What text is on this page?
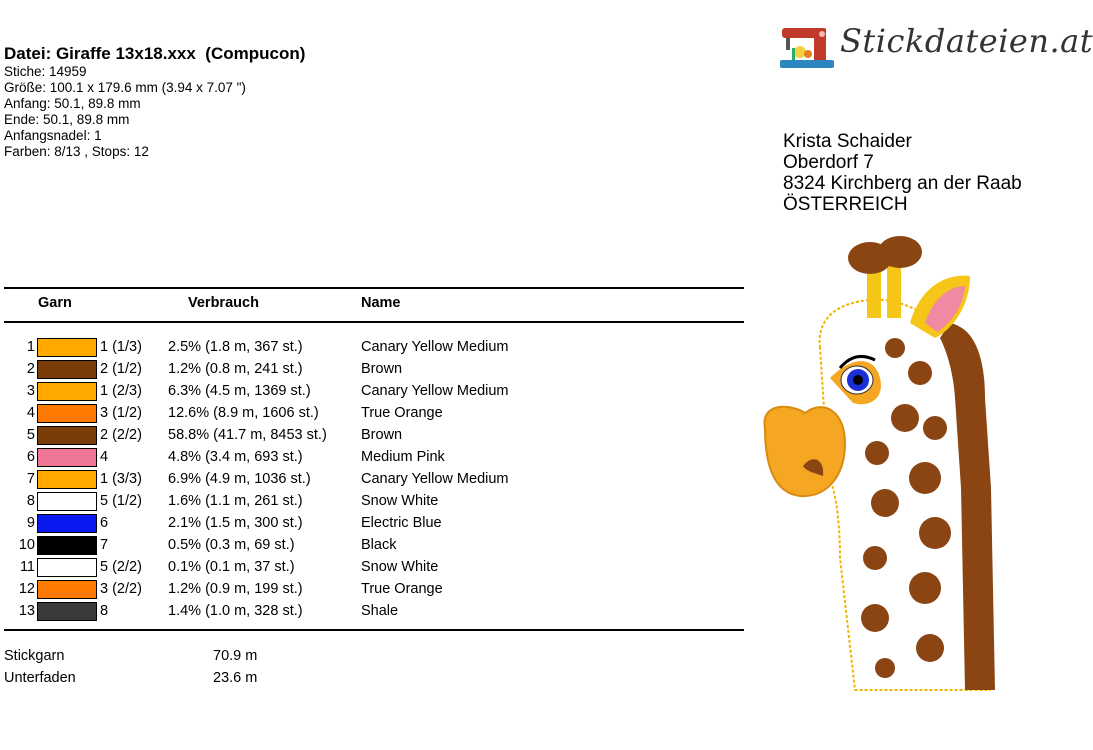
Datei: Giraffe 13x18.xxx  (Compucon)
Stiche: 14959
Größe: 100.1 x 179.6 mm (3.94 x 7.07 ")
Anfang: 50.1, 89.8 mm
Ende: 50.1, 89.8 mm
Anfangsnadel: 1
Farben: 8/13 , Stops: 12
Stickdateien.at
Krista Schaider
Oberdorf 7
8324 Kirchberg an der Raab
ÖSTERREICH
Garn	Verbrauch	Name
1	1 (1/3) 2.5% (1.8 m, 367 st.)	Canary Yellow Medium
2	2 (1/2) 1.2% (0.8 m, 241 st.)	Brown
3	1 (2/3) 6.3% (4.5 m, 1369 st.)	Canary Yellow Medium
4	3 (1/2) 12.6% (8.9 m, 1606 st.)	True Orange
5	2 (2/2) 58.8% (41.7 m, 8453 st.) Brown
6	4	4.8% (3.4 m, 693 st.)	Medium Pink
7	1 (3/3) 6.9% (4.9 m, 1036 st.)	Canary Yellow Medium
8	5 (1/2) 1.6% (1.1 m, 261 st.)	Snow White
9	6	2.1% (1.5 m, 300 st.)	Electric Blue
10	7	0.5% (0.3 m, 69 st.)	Black
11	5 (2/2) 0.1% (0.1 m, 37 st.)	Snow White
12	3 (2/2) 1.2% (0.9 m, 199 st.)	True Orange
13	8	1.4% (1.0 m, 328 st.)	Shale
Stickgarn	70.9 m
Unterfaden	23.6 m
